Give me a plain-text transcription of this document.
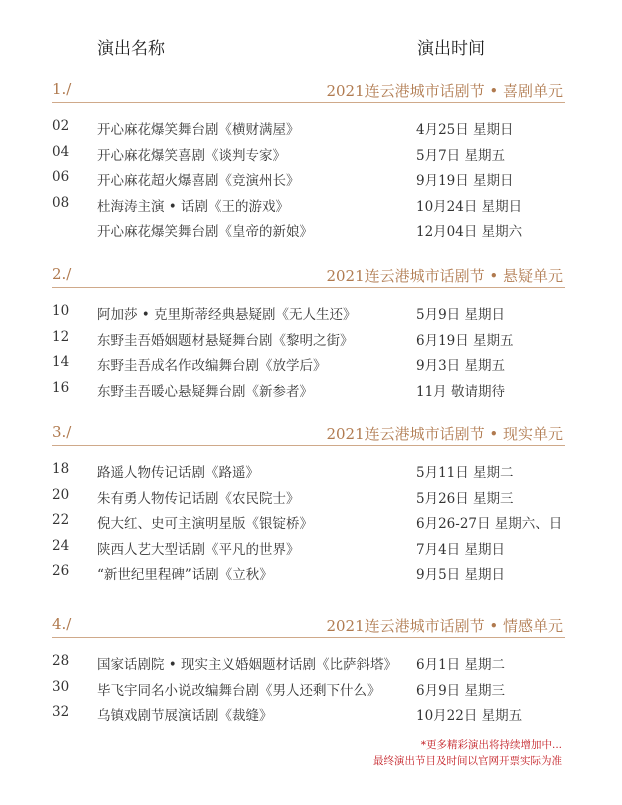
演出名称	演出时间
1./	2021连云港城市话剧节 • 喜剧单元
02 开心麻花爆笑舞台剧《横财满屋》	4月25日 星期日
04 开心麻花爆笑喜剧《谈判专家》	5月7日 星期五
06 开心麻花超火爆喜剧《竞演州长》	9月19日 星期日
08 杜海涛主演 • 话剧《王的游戏》	10月24日 星期日
开心麻花爆笑舞台剧《皇帝的新娘》	12月04日 星期六
2./	2021连云港城市话剧节 • 悬疑单元
10 阿加莎 • 克里斯蒂经典悬疑剧《无人生还》	5月9日 星期日
12 东野圭吾婚姻题材悬疑舞台剧《黎明之街》	6月19日 星期五
14 东野圭吾成名作改编舞台剧《放学后》	9月3日 星期五
16 东野圭吾暖心悬疑舞台剧《新参者》	11月 敬请期待
3./	2021连云港城市话剧节 • 现实单元
18 路遥人物传记话剧《路遥》	5月11日 星期二
20 朱有勇人物传记话剧《农民院士》	5月26日 星期三
22 倪大红、史可主演明星版《银锭桥》	6月26-27日 星期六、日
24 陕西人艺大型话剧《平凡的世界》	7月4日 星期日
26 “新世纪里程碑”话剧《立秋》	9月5日 星期日
4./	2021连云港城市话剧节 • 情感单元
28 国家话剧院 • 现实主义婚姻题材话剧《比萨斜塔》 6月1日 星期二
30 毕飞宇同名小说改编舞台剧《男人还剩下什么》	6月9日 星期三
32 乌镇戏剧节展演话剧《裁缝》	10月22日 星期五
*更多精彩演出将持续增加中...
最终演出节目及时间以官网开票实际为准
